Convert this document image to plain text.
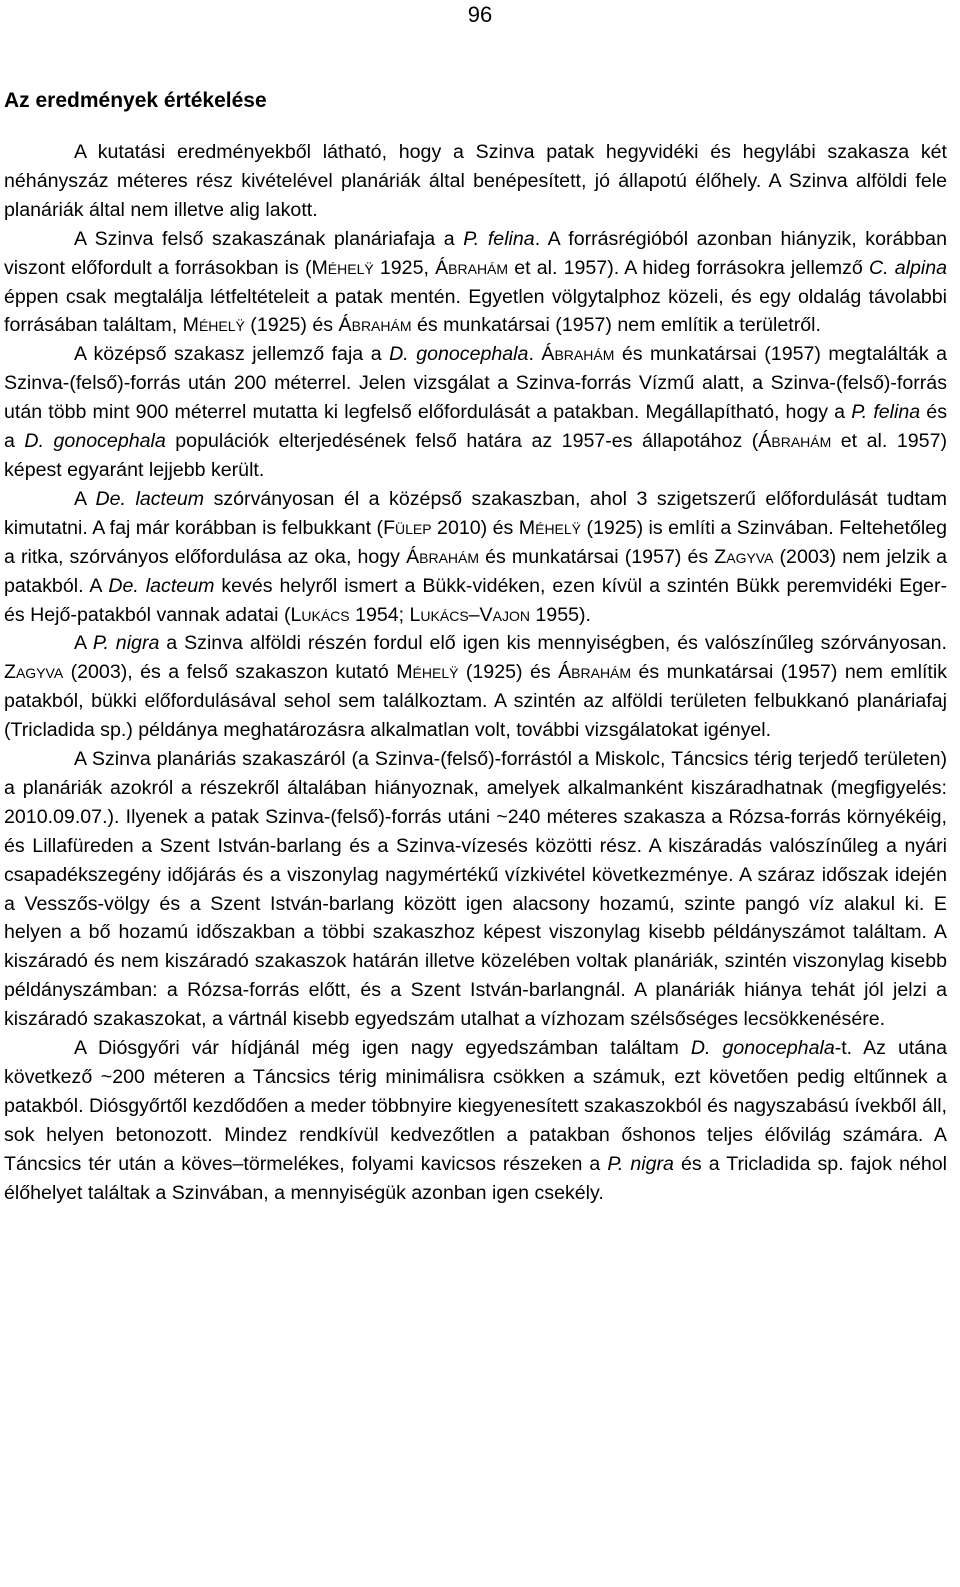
96
Az eredmények értékelése

A kutatási eredményekből látható, hogy a Szinva patak hegyvidéki és hegylábi szakasza két néhányszáz méteres rész kivételével planáriák által benépesített, jó állapotú élőhely. A Szinva alföldi fele planáriák által nem illetve alig lakott.

A Szinva felső szakaszának planáriafaja a P. felina. A forrásrégióból azonban hiányzik, korábban viszont előfordult a forrásokban is (Méhelÿ 1925, Ábrahám et al. 1957). A hideg forrásokra jellemző C. alpina éppen csak megtalálja létfeltételeit a patak mentén. Egyetlen völgytalphoz közeli, és egy oldalág távolabbi forrásában találtam, Méhelÿ (1925) és Ábrahám és munkatársai (1957) nem említik a területről.

A középső szakasz jellemző faja a D. gonocephala. Ábrahám és munkatársai (1957) megtalálták a Szinva-(felső)-forrás után 200 méterrel. Jelen vizsgálat a Szinva-forrás Vízmű alatt, a Szinva-(felső)-forrás után több mint 900 méterrel mutatta ki legfelső előfordulását a patakban. Megállapítható, hogy a P. felina és a D. gonocephala populációk elterjedésének felső határa az 1957-es állapotához (Ábrahám et al. 1957) képest egyaránt lejjebb került.

A De. lacteum szórványosan él a középső szakaszban, ahol 3 szigetszerű előfordulását tudtam kimutatni. A faj már korábban is felbukkant (Fülep 2010) és Méhelÿ (1925) is említi a Szinvában. Feltehetőleg a ritka, szórványos előfordulása az oka, hogy Ábrahám és munkatársai (1957) és Zagyva (2003) nem jelzik a patakból. A De. lacteum kevés helyről ismert a Bükk-vidéken, ezen kívül a szintén Bükk peremvidéki Eger- és Hejő-patakból vannak adatai (Lukács 1954; Lukács–Vajon 1955).

A P. nigra a Szinva alföldi részén fordul elő igen kis mennyiségben, és valószínűleg szórványosan. Zagyva (2003), és a felső szakaszon kutató Méhelÿ (1925) és Ábrahám és munkatársai (1957) nem említik patakból, bükki előfordulásával sehol sem találkoztam. A szintén az alföldi területen felbukkanó planáriafaj (Tricladida sp.) példánya meghatározásra alkalmatlan volt, további vizsgálatokat igényel.

A Szinva planáriás szakaszáról (a Szinva-(felső)-forrástól a Miskolc, Táncsics térig terjedő területen) a planáriák azokról a részekről általában hiányoznak, amelyek alkalmanként kiszáradhatnak (megfigyelés: 2010.09.07.). Ilyenek a patak Szinva-(felső)-forrás utáni ~240 méteres szakasza a Rózsa-forrás környékéig, és Lillafüreden a Szent István-barlang és a Szinva-vízesés közötti rész. A kiszáradás valószínűleg a nyári csapadékszegény időjárás és a viszonylag nagymértékű vízkivétel következménye. A száraz időszak idején a Vesszős-völgy és a Szent István-barlang között igen alacsony hozamú, szinte pangó víz alakul ki. E helyen a bő hozamú időszakban a többi szakaszhoz képest viszonylag kisebb példányszámot találtam. A kiszáradó és nem kiszáradó szakaszok határán illetve közelében voltak planáriák, szintén viszonylag kisebb példányszámban: a Rózsa-forrás előtt, és a Szent István-barlangnál. A planáriák hiánya tehát jól jelzi a kiszáradó szakaszokat, a vártnál kisebb egyedszám utalhat a vízhozam szélsőséges lecsökkenésére.

A Diósgyőri vár hídjánál még igen nagy egyedszámban találtam D. gonocephala-t. Az utána következő ~200 méteren a Táncsics térig minimálisra csökken a számuk, ezt követően pedig eltűnnek a patakból. Diósgyőrtől kezdődően a meder többnyire kiegyenesített szakaszokból és nagyszabású ívekből áll, sok helyen betonozott. Mindez rendkívül kedvezőtlen a patakban őshonos teljes élővilág számára. A Táncsics tér után a köves–törmelékes, folyami kavicsos részeken a P. nigra és a Tricladida sp. fajok néhol élőhelyet találtak a Szinvában, a mennyiségük azonban igen csekély.
